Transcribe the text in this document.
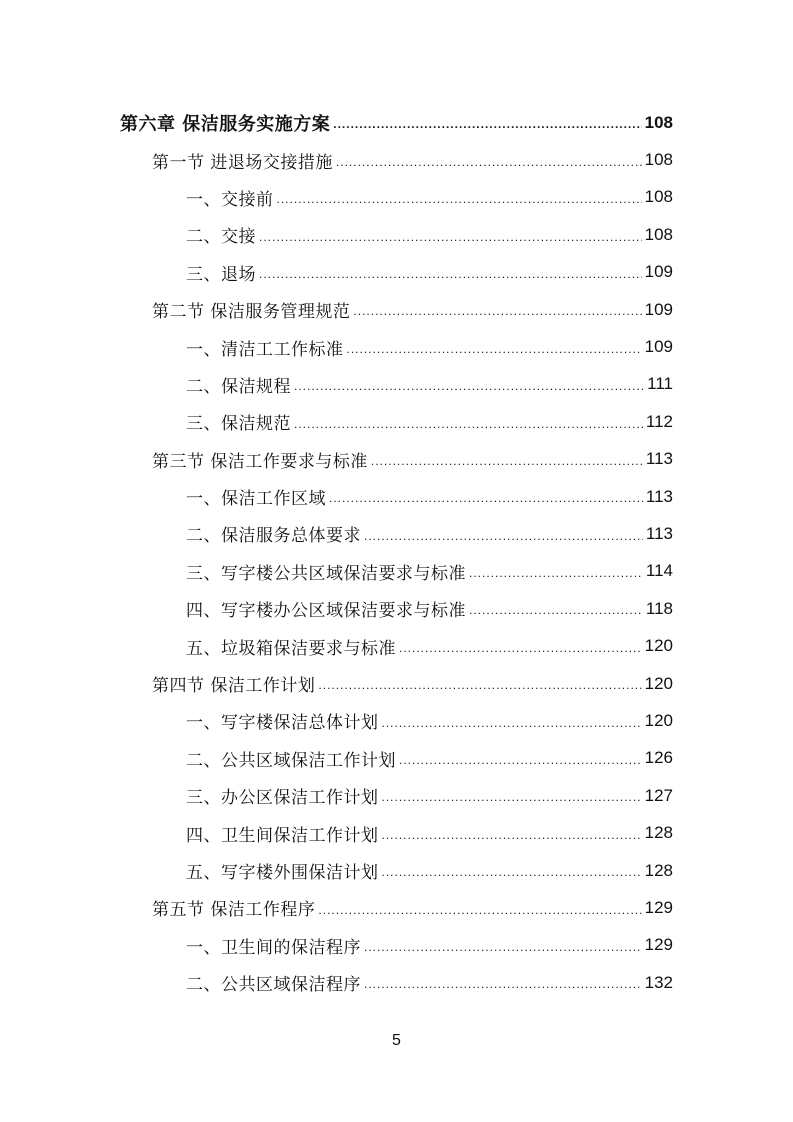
第六章 保洁服务实施方案 .....	108
第一节 进退场交接措施 .....	108
一、交接前 .....	108
二、交接 .....	108
三、退场 .....	109
第二节 保洁服务管理规范 .....	109
一、清洁工工作标准 .....	109
二、保洁规程 .....	111
三、保洁规范 .....	112
第三节 保洁工作要求与标准 .....	113
一、保洁工作区域 .....	113
二、保洁服务总体要求 .....	113
三、写字楼公共区域保洁要求与标准 .....	114
四、写字楼办公区域保洁要求与标准 .....	118
五、垃圾箱保洁要求与标准 .....	120
第四节 保洁工作计划 .....	120
一、写字楼保洁总体计划 .....	120
二、公共区域保洁工作计划 .....	126
三、办公区保洁工作计划 .....	127
四、卫生间保洁工作计划 .....	128
五、写字楼外围保洁计划 .....	128
第五节 保洁工作程序 .....	129
一、卫生间的保洁程序 .....	129
二、公共区域保洁程序 .....	132
5
